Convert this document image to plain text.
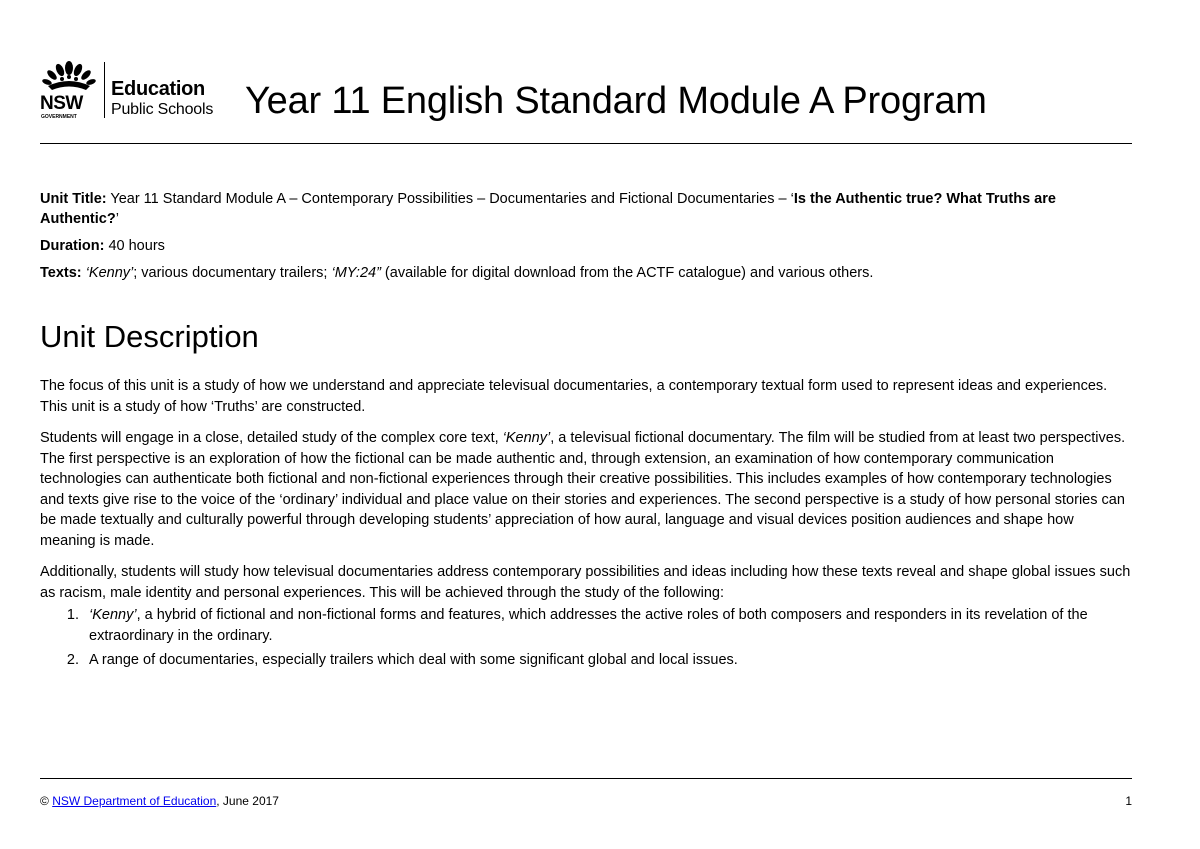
NSW
GOVERNMENT
Education
Public Schools Year 11 English Standard Module A Program

Unit Title: Year 11 Standard Module A – Contemporary Possibilities – Documentaries and Fictional Documentaries – ‘Is the Authentic true? What Truths are Authentic?’

Duration: 40 hours

Texts: ‘Kenny’; various documentary trailers; ‘MY:24” (available for digital download from the ACTF catalogue) and various others.

Unit Description

The focus of this unit is a study of how we understand and appreciate televisual documentaries, a contemporary textual form used to represent ideas and experiences. This unit is a study of how ‘Truths’ are constructed.

Students will engage in a close, detailed study of the complex core text, ‘Kenny’, a televisual fictional documentary. The film will be studied from at least two perspectives. The first perspective is an exploration of how the fictional can be made authentic and, through extension, an examination of how contemporary communication technologies can authenticate both fictional and non-fictional experiences through their creative possibilities. This includes examples of how contemporary technologies and texts give rise to the voice of the ‘ordinary’ individual and place value on their stories and experiences. The second perspective is a study of how personal stories can be made textually and culturally powerful through developing students’ appreciation of how aural, language and visual devices position audiences and shape how meaning is made.

Additionally, students will study how televisual documentaries address contemporary possibilities and ideas including how these texts reveal and shape global issues such as racism, male identity and personal experiences. This will be achieved through the study of the following:

1. ‘Kenny’, a hybrid of fictional and non-fictional forms and features, which addresses the active roles of both composers and responders in its revelation of the extraordinary in the ordinary.
2. A range of documentaries, especially trailers which deal with some significant global and local issues.
© NSW Department of Education, June 2017	1
